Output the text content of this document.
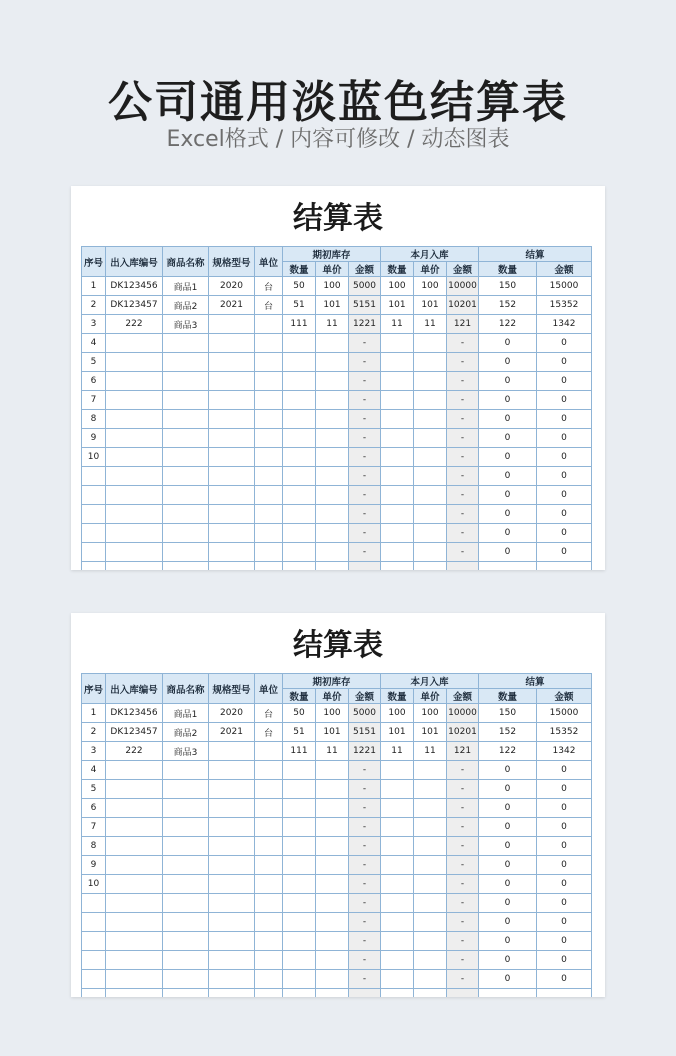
公司通用淡蓝色结算表
Excel格式 / 内容可修改 / 动态图表
结算表
序号	出入库编号	商品名称	规格型号	单位	期初库存			本月入库			结算	
					数量	单价	金额	数量	单价	金额	数量	金额
1	DK123456	商品1	2020	台	50	100	5000	100	100	10000	150	15000
2	DK123457	商品2	2021	台	51	101	5151	101	101	10201	152	15352
3	222	商品3			111	11	1221	11	11	121	122	1342
4							-			-	0	0
5							-			-	0	0
6							-			-	0	0
7							-			-	0	0
8							-			-	0	0
9							-			-	0	0
10							-			-	0	0
							-			-	0	0
							-			-	0	0
							-			-	0	0
							-			-	0	0
							-			-	0	0

结算表
序号	出入库编号	商品名称	规格型号	单位	期初库存			本月入库			结算	
					数量	单价	金额	数量	单价	金额	数量	金额
1	DK123456	商品1	2020	台	50	100	5000	100	100	10000	150	15000
2	DK123457	商品2	2021	台	51	101	5151	101	101	10201	152	15352
3	222	商品3			111	11	1221	11	11	121	122	1342
4							-			-	0	0
5							-			-	0	0
6							-			-	0	0
7							-			-	0	0
8							-			-	0	0
9							-			-	0	0
10							-			-	0	0
							-			-	0	0
							-			-	0	0
							-			-	0	0
							-			-	0	0
							-			-	0	0
